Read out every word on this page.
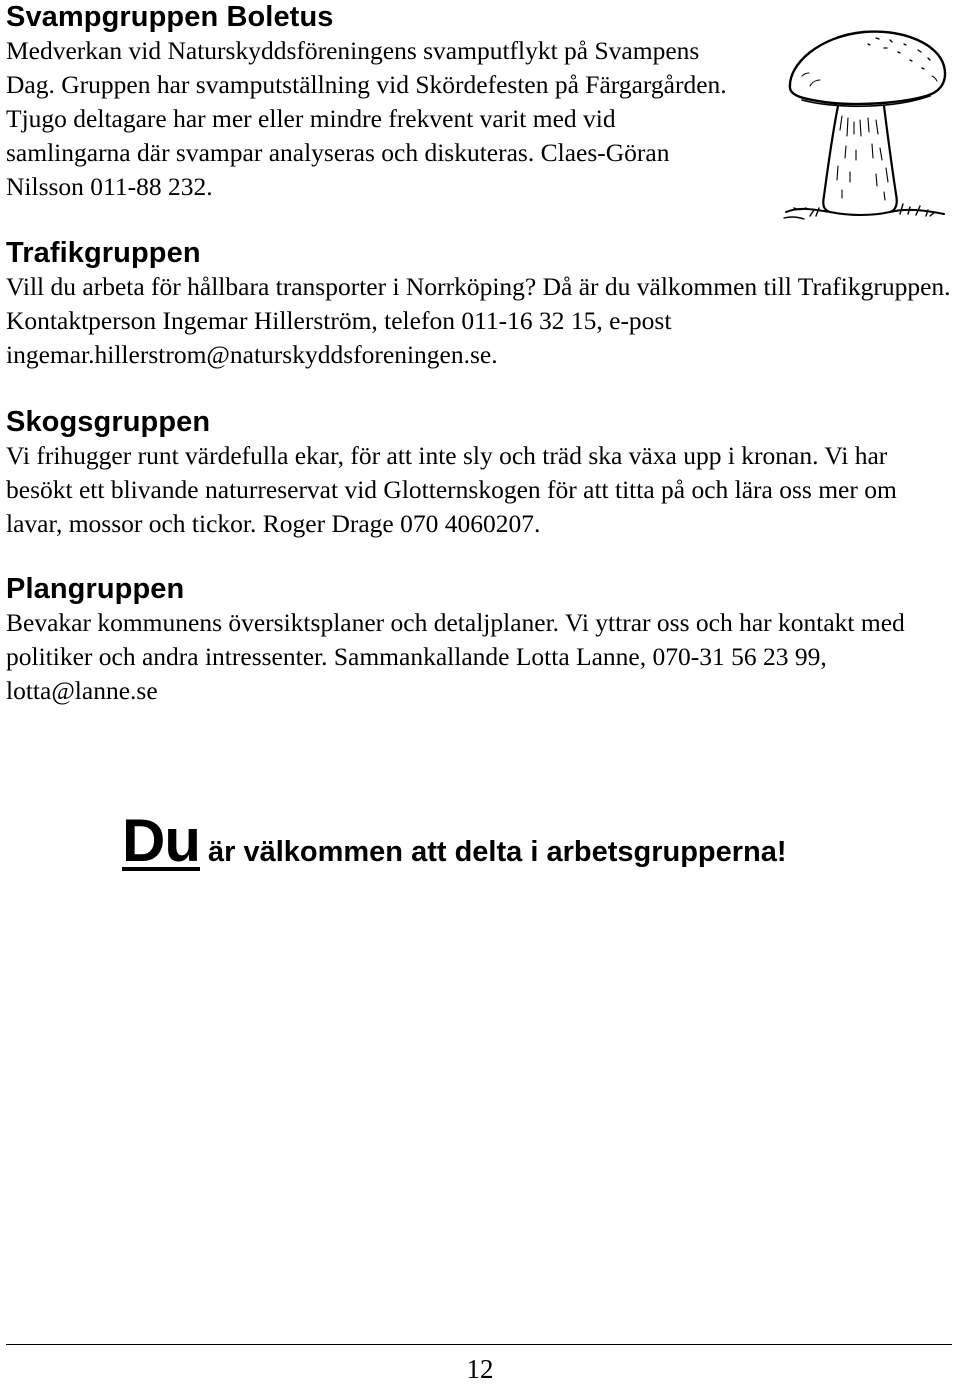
Svampgruppen Boletus

Medverkan vid Naturskyddsföreningens svamputflykt på Svampens Dag. Gruppen har svamputställning vid Skördefesten på Färgargården. Tjugo deltagare har mer eller mindre frekvent varit med vid samlingarna där svampar analyseras och diskuteras. Claes-Göran Nilsson 011-88 232.

Trafikgruppen

Vill du arbeta för hållbara transporter i Norrköping? Då är du välkommen till Trafikgruppen. Kontaktperson Ingemar Hillerström, telefon 011-16 32 15, e-post ingemar.hillerstrom@naturskyddsforeningen.se.

Skogsgruppen

Vi frihugger runt värdefulla ekar, för att inte sly och träd ska växa upp i kronan. Vi har besökt ett blivande naturreservat vid Glotternskogen för att titta på och lära oss mer om lavar, mossor och tickor. Roger Drage 070 4060207.

Plangruppen

Bevakar kommunens översiktsplaner och detaljplaner. Vi yttrar oss och har kontakt med politiker och andra intressenter. Sammankallande Lotta Lanne, 070-31 56 23 99, lotta@lanne.se

Du är välkommen att delta i arbetsgrupperna!
12
